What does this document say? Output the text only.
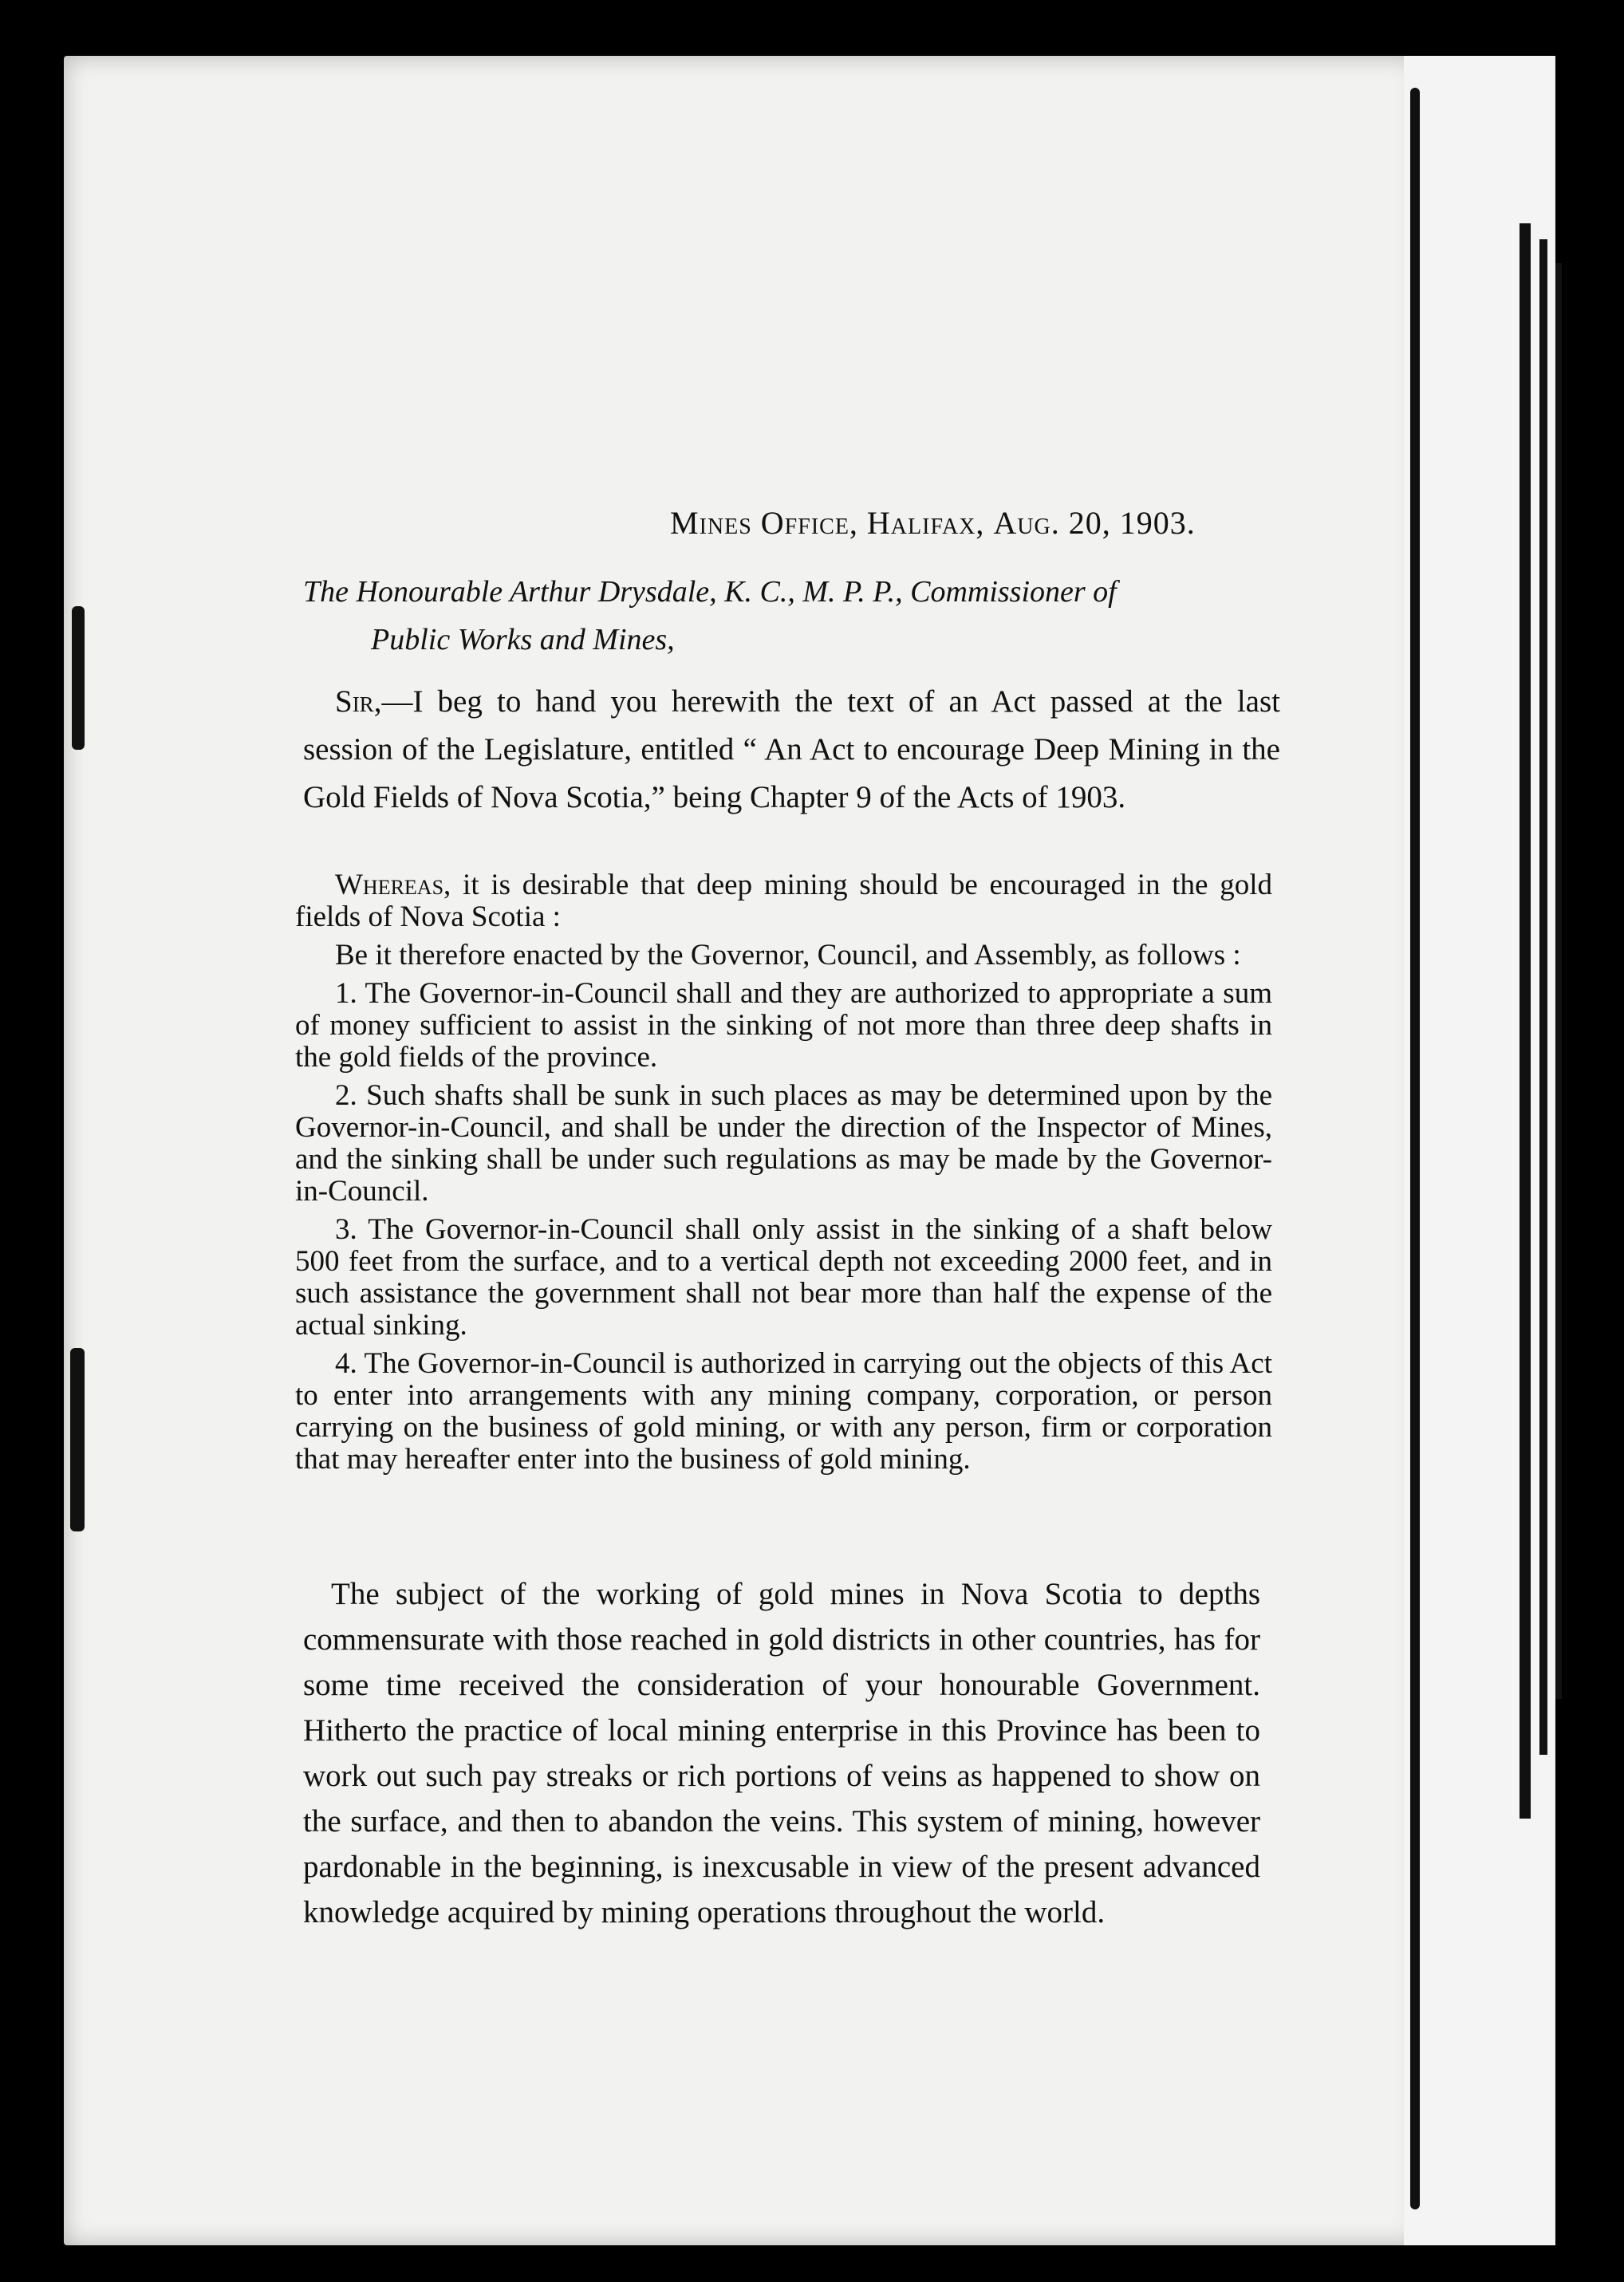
Mines Office, Halifax, Aug. 20, 1903.
The Honourable Arthur Drysdale, K. C., M. P. P., Commissioner of
Public Works and Mines,

Sir,—I beg to hand you herewith the text of an Act passed at the last session of the Legislature, entitled “ An Act to encourage Deep Mining in the Gold Fields of Nova Scotia,” being Chapter 9 of the Acts of 1903.

Whereas, it is desirable that deep mining should be encouraged in the gold fields of Nova Scotia :

Be it therefore enacted by the Governor, Council, and Assembly, as follows :

1. The Governor-in-Council shall and they are authorized to appropriate a sum of money sufficient to assist in the sinking of not more than three deep shafts in the gold fields of the province.

2. Such shafts shall be sunk in such places as may be determined upon by the Governor-in-Council, and shall be under the direction of the Inspector of Mines, and the sinking shall be under such regulations as may be made by the Governor-in-Council.

3. The Governor-in-Council shall only assist in the sinking of a shaft below 500 feet from the surface, and to a vertical depth not exceeding 2000 feet, and in such assistance the government shall not bear more than half the expense of the actual sinking.

4. The Governor-in-Council is authorized in carrying out the objects of this Act to enter into arrangements with any mining company, corporation, or person carrying on the business of gold mining, or with any person, firm or corporation that may hereafter enter into the business of gold mining.

The subject of the working of gold mines in Nova Scotia to depths commensurate with those reached in gold districts in other countries, has for some time received the consideration of your honourable Government. Hitherto the practice of local mining enterprise in this Province has been to work out such pay streaks or rich portions of veins as happened to show on the surface, and then to abandon the veins. This system of mining, however pardonable in the beginning, is inexcusable in view of the present advanced knowledge acquired by mining operations throughout the world.
